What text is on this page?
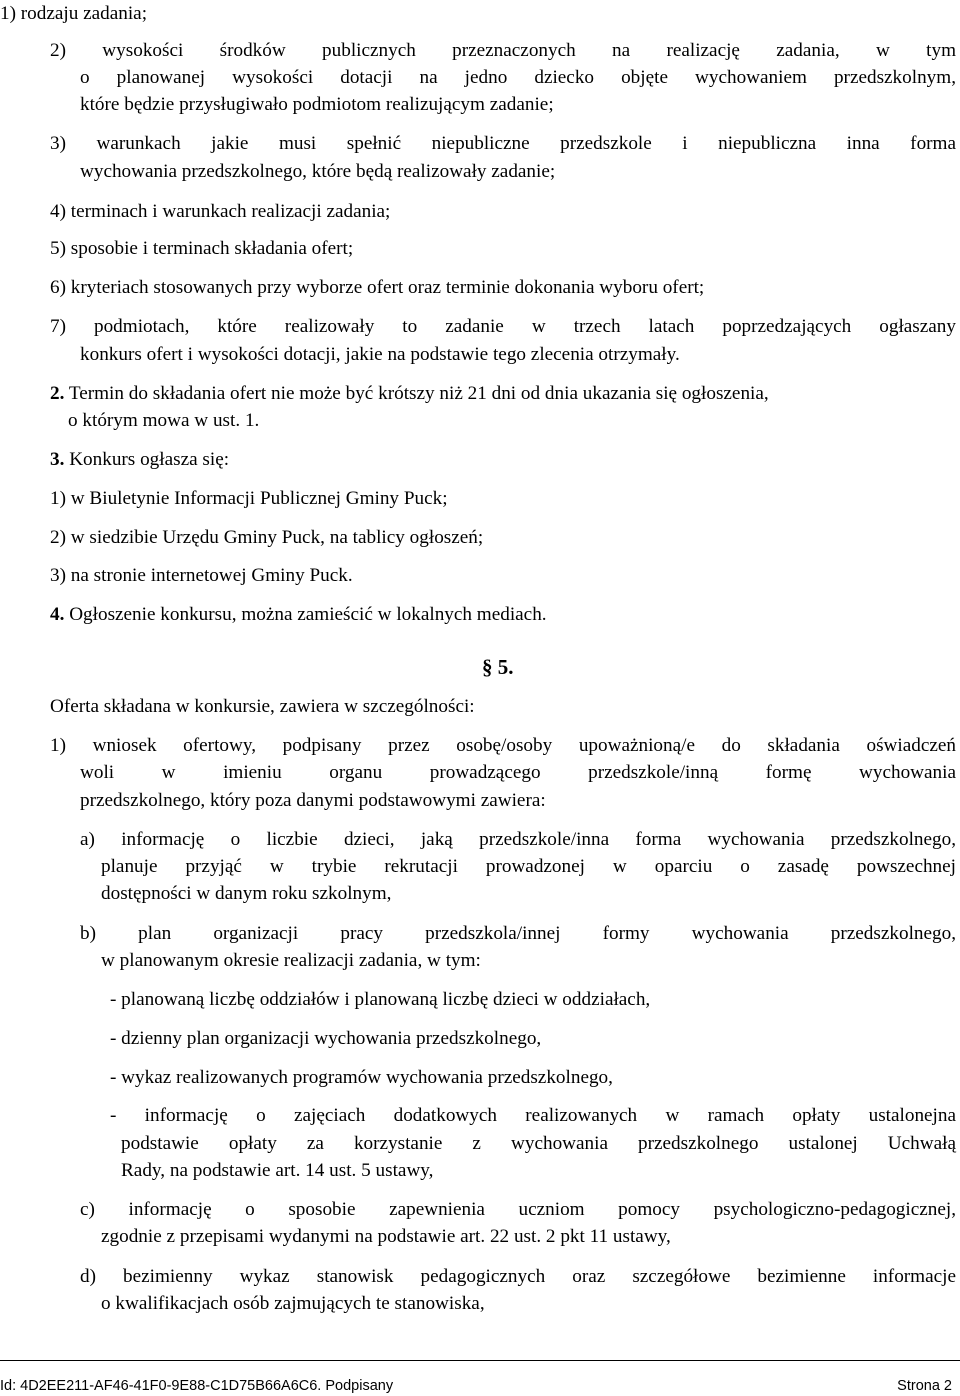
1) rodzaju zadania;
2) wysokości środków publicznych przeznaczonych na realizację zadania, w tym
o planowanej wysokości dotacji na jedno dziecko objęte wychowaniem przedszkolnym,
które będzie przysługiwało podmiotom realizującym zadanie;
3) warunkach jakie musi spełnić niepubliczne przedszkole i niepubliczna inna forma
wychowania przedszkolnego, które będą realizowały zadanie;
4) terminach i warunkach realizacji zadania;
5) sposobie i terminach składania ofert;
6) kryteriach stosowanych przy wyborze ofert oraz terminie dokonania wyboru ofert;
7) podmiotach, które realizowały to zadanie w trzech latach poprzedzających ogłaszany
konkurs ofert i wysokości dotacji, jakie na podstawie tego zlecenia otrzymały.
2. Termin do składania ofert nie może być krótszy niż 21 dni od dnia ukazania się ogłoszenia,
o którym mowa w ust. 1.
3. Konkurs ogłasza się:
1) w Biuletynie Informacji Publicznej Gminy Puck;
2) w siedzibie Urzędu Gminy Puck, na tablicy ogłoszeń;
3) na stronie internetowej Gminy Puck.
4. Ogłoszenie konkursu, można zamieścić w lokalnych mediach.
§ 5.
Oferta składana w konkursie, zawiera w szczególności:
1) wniosek ofertowy, podpisany przez osobę/osoby upoważnioną/e do składania oświadczeń
woli w imieniu organu prowadzącego przedszkole/inną formę wychowania
przedszkolnego, który poza danymi podstawowymi zawiera:
a) informację o liczbie dzieci, jaką przedszkole/inna forma wychowania przedszkolnego,
planuje przyjąć w trybie rekrutacji prowadzonej w oparciu o zasadę powszechnej
dostępności w danym roku szkolnym,
b) plan organizacji pracy przedszkola/innej formy wychowania przedszkolnego,
w planowanym okresie realizacji zadania, w tym:
- planowaną liczbę oddziałów i planowaną liczbę dzieci w oddziałach,
- dzienny plan organizacji wychowania przedszkolnego,
- wykaz realizowanych programów wychowania przedszkolnego,
- informację o zajęciach dodatkowych realizowanych w ramach opłaty ustalonejna
podstawie opłaty za korzystanie z wychowania przedszkolnego ustalonej Uchwałą
Rady, na podstawie art. 14 ust. 5 ustawy,
c) informację o sposobie zapewnienia uczniom pomocy psychologiczno-pedagogicznej,
zgodnie z przepisami wydanymi na podstawie art. 22 ust. 2 pkt 11 ustawy,
d) bezimienny wykaz stanowisk pedagogicznych oraz szczegółowe bezimienne informacje
o kwalifikacjach osób zajmujących te stanowiska,
Id: 4D2EE211-AF46-41F0-9E88-C1D75B66A6C6. Podpisany	Strona 2
